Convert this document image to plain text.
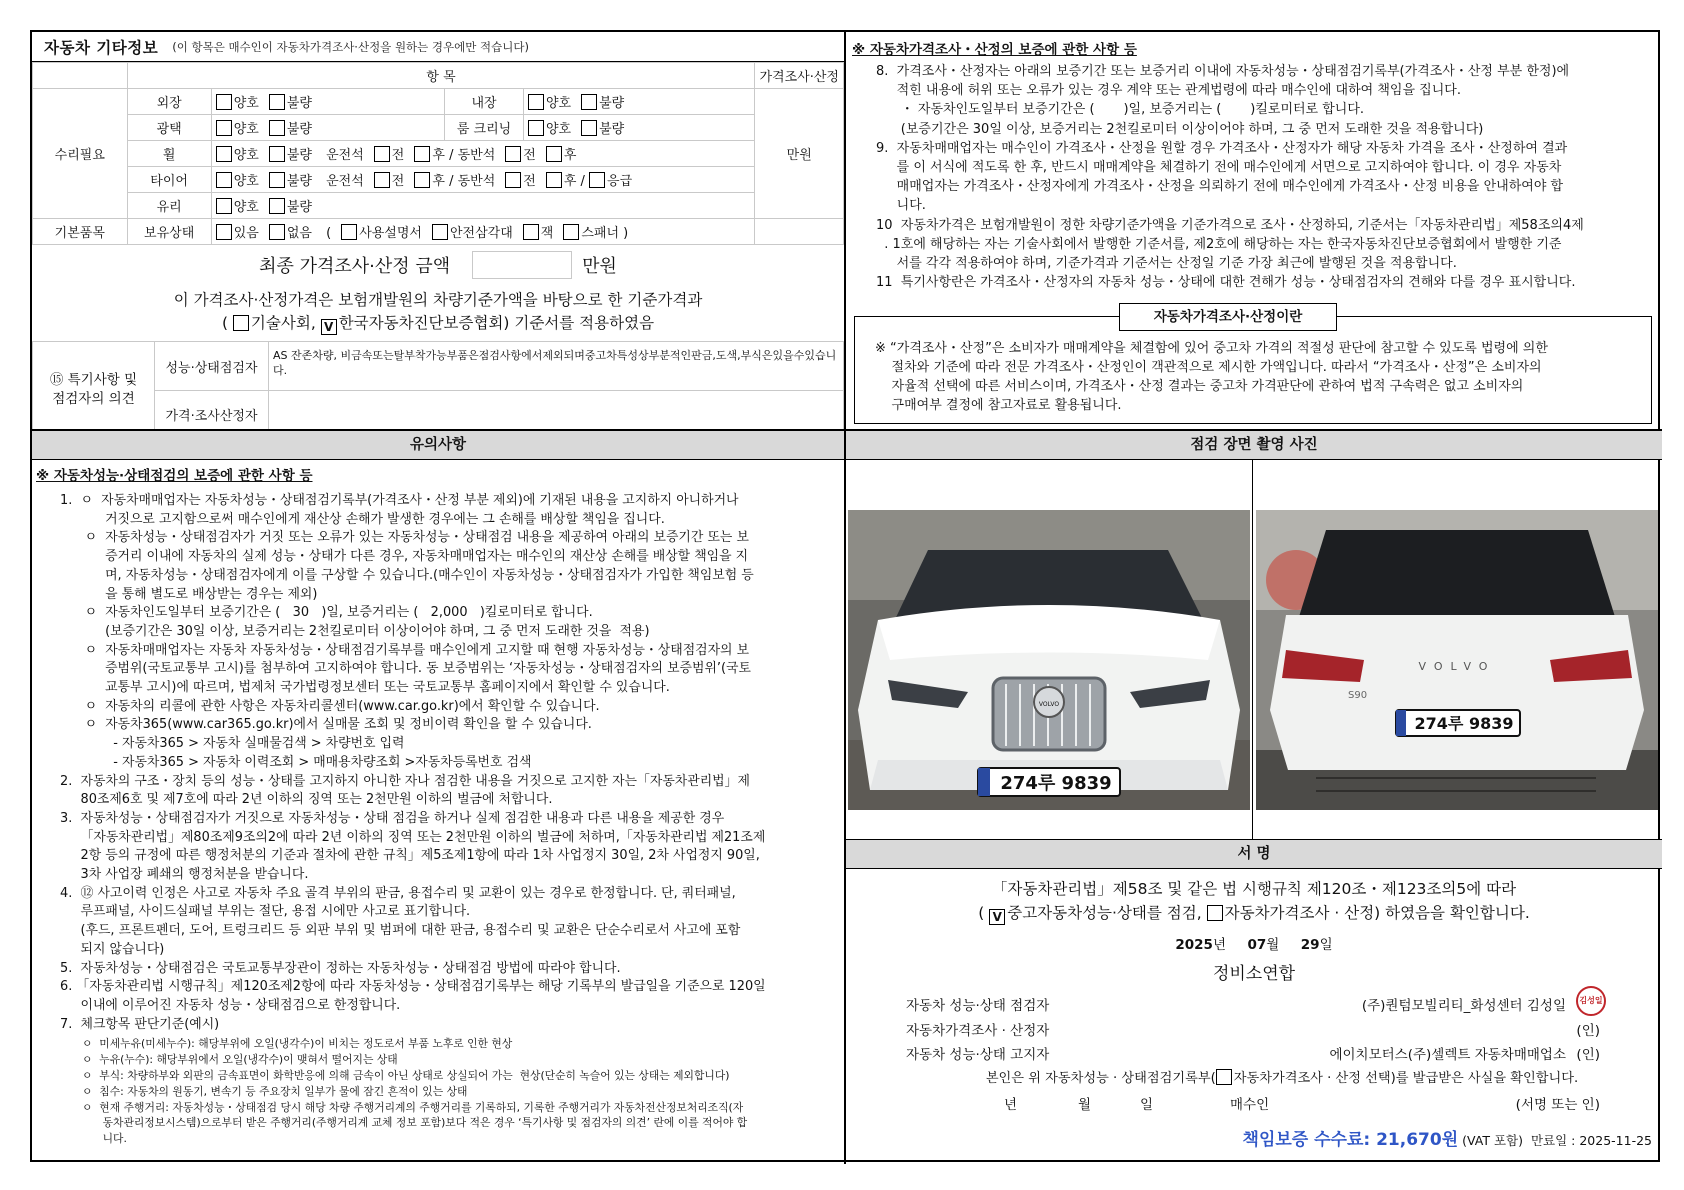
자동차 기타정보 (이 항목은 매수인이 자동차가격조사·산정을 원하는 경우에만 적습니다)
	항 목				가격조사·산정
수리필요	외장	양호 불량	내장	양호 불량	만원
	광택	양호 불량	룸 크리닝	양호 불량	
	휠	양호 불량 운전석 전 후 / 동반석 전 후			
	타이어	양호 불량 운전석 전 후 / 동반석 전 후 / 응급			
	유리	양호 불량			
기본품목	보유상태	있음 없음 ( 사용설명서 안전삼각대 잭 스패너 )			
최종 가격조사·산정 금액	만원
이 가격조사·산정가격은 보험개발원의 차량기준가액을 바탕으로 한 기준가격과
( 기술사회, V 한국자동차진단보증협회) 기준서를 적용하였음
⑮ 특기사항 및
점검자의 의견	성능·상태점검자	AS 잔존차량, 비금속또는탈부착가능부품은점검사항에서제외되며중고차특성상부분적인판금,도색,부식은있을수있습니다.
	가격·조사산정자	
※ 자동차가격조사・산정의 보증에 관한 사항 등
8.  가격조사・산정자는 아래의 보증기간 또는 보증거리 이내에 자동차성능・상태점검기록부(가격조사・산정 부분 한정)에
적힌 내용에 허위 또는 오류가 있는 경우 계약 또는 관계법령에 따라 매수인에 대하여 책임을 집니다.
・ 자동차인도일부터 보증기간은 (       )일, 보증거리는 (       )킬로미터로 합니다.
(보증기간은 30일 이상, 보증거리는 2천킬로미터 이상이어야 하며, 그 중 먼저 도래한 것을 적용합니다)
9.  자동차매매업자는 매수인이 가격조사・산정을 원할 경우 가격조사・산정자가 해당 자동차 가격을 조사・산정하여 결과
를 이 서식에 적도록 한 후, 반드시 매매계약을 체결하기 전에 매수인에게 서면으로 고지하여야 합니다. 이 경우 자동차
매매업자는 가격조사・산정자에게 가격조사・산정을 의뢰하기 전에 매수인에게 가격조사・산정 비용을 안내하여야 합
니다.
10  자동차가격은 보험개발원이 정한 차량기준가액을 기준가격으로 조사・산정하되, 기준서는「자동차관리법」제58조의4제
. 1호에 해당하는 자는 기술사회에서 발행한 기준서를, 제2호에 해당하는 자는 한국자동차진단보증협회에서 발행한 기준
서를 각각 적용하여야 하며, 기준가격과 기준서는 산정일 기준 가장 최근에 발행된 것을 적용합니다.
11  특기사항란은 가격조사・산정자의 자동차 성능・상태에 대한 견해가 성능・상태점검자의 견해와 다를 경우 표시합니다.
자동차가격조사·산정이란
※ “가격조사・산정”은 소비자가 매매계약을 체결함에 있어 중고차 가격의 적절성 판단에 참고할 수 있도록 법령에 의한
절차와 기준에 따라 전문 가격조사・산정인이 객관적으로 제시한 가액입니다. 따라서 “가격조사・산정”은 소비자의
자율적 선택에 따른 서비스이며, 가격조사・산정 결과는 중고차 가격판단에 관하여 법적 구속력은 없고 소비자의
구매여부 결정에 참고자료로 활용됩니다.
유의사항
※ 자동차성능·상태점검의 보증에 관한 사항 등
1.  ㅇ  자동차매매업자는 자동차성능・상태점검기록부(가격조사・산정 부분 제외)에 기재된 내용을 고지하지 아니하거나
거짓으로 고지함으로써 매수인에게 재산상 손해가 발생한 경우에는 그 손해를 배상할 책임을 집니다.
ㅇ  자동차성능・상태점검자가 거짓 또는 오류가 있는 자동차성능・상태점검 내용을 제공하여 아래의 보증기간 또는 보
증거리 이내에 자동차의 실제 성능・상태가 다른 경우, 자동차매매업자는 매수인의 재산상 손해를 배상할 책임을 지
며, 자동차성능・상태점검자에게 이를 구상할 수 있습니다.(매수인이 자동차성능・상태점검자가 가입한 책임보험 등
을 통해 별도로 배상받는 경우는 제외)
ㅇ  자동차인도일부터 보증기간은 (   30   )일, 보증거리는 (   2,000   )킬로미터로 합니다.
(보증기간은 30일 이상, 보증거리는 2천킬로미터 이상이어야 하며, 그 중 먼저 도래한 것을  적용)
ㅇ  자동차매매업자는 자동차 자동차성능・상태점검기록부를 매수인에게 고지할 때 현행 자동차성능・상태점검자의 보
증범위(국토교통부 고시)를 첨부하여 고지하여야 합니다. 동 보증범위는 ‘자동차성능・상태점검자의 보증범위’(국토
교통부 고시)에 따르며, 법제처 국가법령정보센터 또는 국토교통부 홈페이지에서 확인할 수 있습니다.
ㅇ  자동차의 리콜에 관한 사항은 자동차리콜센터(www.car.go.kr)에서 확인할 수 있습니다.
ㅇ  자동차365(www.car365.go.kr)에서 실매물 조회 및 정비이력 확인을 할 수 있습니다.
- 자동차365 > 자동차 실매물검색 > 차량번호 입력
- 자동차365 > 자동차 이력조회 > 매매용차량조회 >자동차등록번호 검색
2.  자동차의 구조・장치 등의 성능・상태를 고지하지 아니한 자나 점검한 내용을 거짓으로 고지한 자는「자동차관리법」제
80조제6호 및 제7호에 따라 2년 이하의 징역 또는 2천만원 이하의 벌금에 처합니다.
3.  자동차성능・상태점검자가 거짓으로 자동차성능・상태 점검을 하거나 실제 점검한 내용과 다른 내용을 제공한 경우
「자동차관리법」제80조제9조의2에 따라 2년 이하의 징역 또는 2천만원 이하의 벌금에 처하며,「자동차관리법 제21조제
2항 등의 규정에 따른 행정처분의 기준과 절차에 관한 규칙」제5조제1항에 따라 1차 사업정지 30일, 2차 사업정지 90일,
3차 사업장 폐쇄의 행정처분을 받습니다.
4.  ⑫ 사고이력 인정은 사고로 자동차 주요 골격 부위의 판금, 용접수리 및 교환이 있는 경우로 한정합니다. 단, 쿼터패널,
루프패널, 사이드실패널 부위는 절단, 용접 시에만 사고로 표기합니다.
(후드, 프론트펜더, 도어, 트렁크리드 등 외판 부위 및 범퍼에 대한 판금, 용접수리 및 교환은 단순수리로서 사고에 포함
되지 않습니다)
5.  자동차성능・상태점검은 국토교통부장관이 정하는 자동차성능・상태점검 방법에 따라야 합니다.
6. 「자동차관리법 시행규칙」제120조제2항에 따라 자동차성능・상태점검기록부는 해당 기록부의 발급일을 기준으로 120일
이내에 이루어진 자동차 성능・상태점검으로 한정합니다.
7.  체크항목 판단기준(예시)
ㅇ  미세누유(미세누수): 해당부위에 오일(냉각수)이 비치는 정도로서 부품 노후로 인한 현상
ㅇ  누유(누수): 해당부위에서 오일(냉각수)이 맺혀서 떨어지는 상태
ㅇ  부식: 차량하부와 외판의 금속표면이 화학반응에 의해 금속이 아닌 상태로 상실되어 가는  현상(단순히 녹슬어 있는 상태는 제외합니다)
ㅇ  침수: 자동차의 원동기, 변속기 등 주요장치 일부가 물에 잠긴 흔적이 있는 상태
ㅇ  현재 주행거리: 자동차성능・상태점검 당시 해당 차량 주행거리계의 주행거리를 기록하되, 기록한 주행거리가 자동차전산정보처리조직(자
동차관리정보시스템)으로부터 받은 주행거리(주행거리계 교체 정보 포함)보다 적은 경우 ‘특기사항 및 점검자의 의견’ 란에 이를 적어야 합
니다.
점검 장면 촬영 사진
VOLVO
274루 9839
VOLVO
S90
274루 9839
서 명
「자동차관리법」제58조 및 같은 법 시행규칙 제120조・제123조의5에 따라
( V 중고자동차성능·상태를 점검, 자동차가격조사 · 산정) 하였음을 확인합니다.
2025년 07월 29일
정비소연합
자동차 성능·상태 점검자	(주)퀀텀모빌리티_화성센터 김성일	김성일
자동차가격조사 · 산정자	(인)
자동차 성능·상태 고지자	에이치모터스(주)셀렉트 자동차매매업소 (인)
본인은 위 자동차성능 · 상태점검기록부( 자동차가격조사 · 산정 선택)를 발급받은 사실을 확인합니다.
년	월	일	매수인	(서명 또는 인)
책임보증 수수료: 21,670원 (VAT 포함) 만료일 : 2025-11-25
